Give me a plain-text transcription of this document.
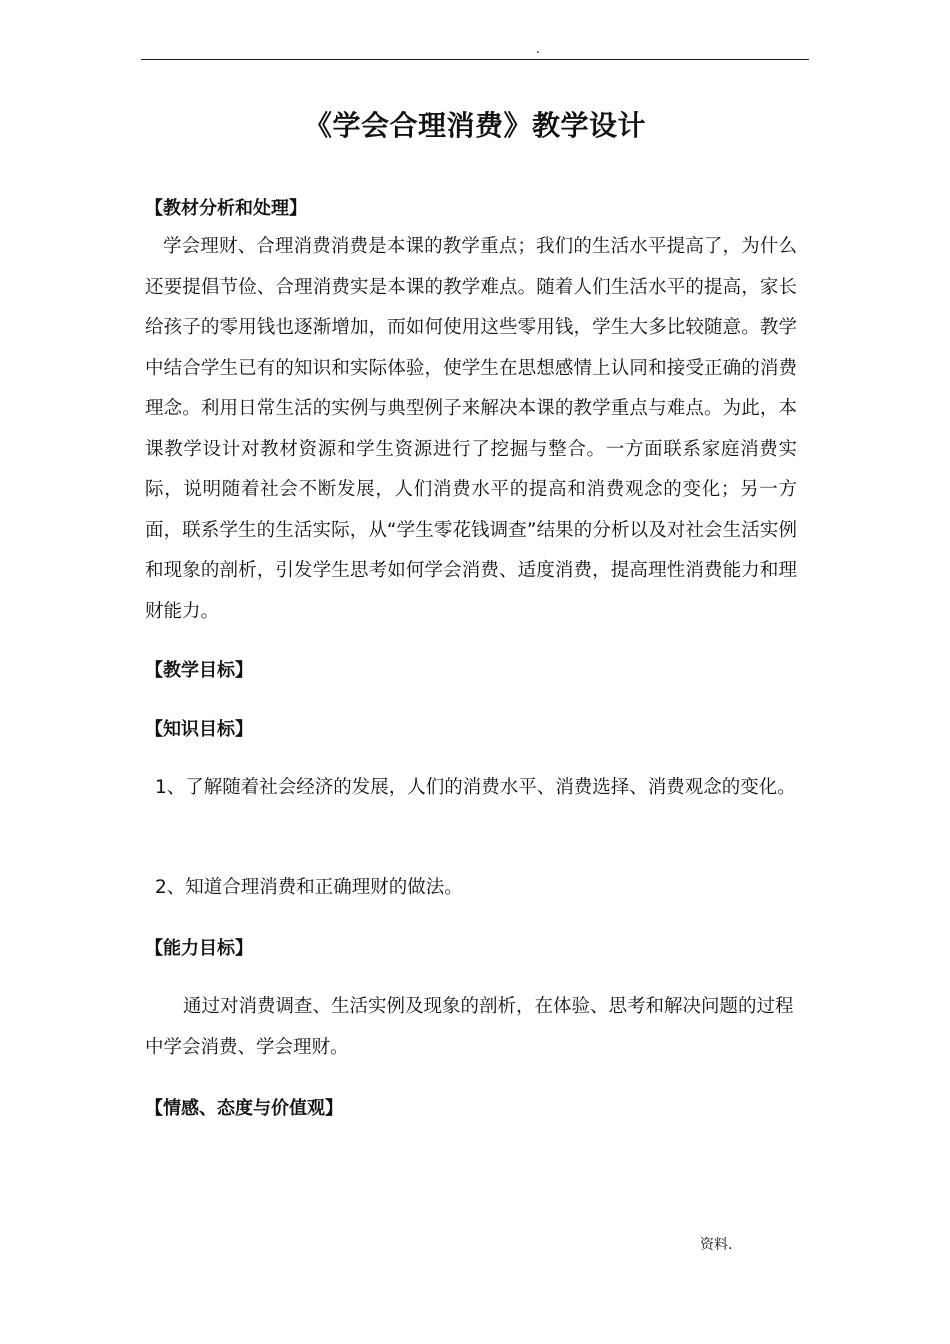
.
《学会合理消费》教学设计
【教材分析和处理】
学会理财、合理消费消费是本课的教学重点；我们的生活水平提高了，为什么还要提倡节俭、合理消费实是本课的教学难点。随着人们生活水平的提高，家长给孩子的零用钱也逐渐增加，而如何使用这些零用钱，学生大多比较随意。教学中结合学生已有的知识和实际体验，使学生在思想感情上认同和接受正确的消费理念。利用日常生活的实例与典型例子来解决本课的教学重点与难点。为此，本课教学设计对教材资源和学生资源进行了挖掘与整合。一方面联系家庭消费实际，说明随着社会不断发展，人们消费水平的提高和消费观念的变化；另一方面，联系学生的生活实际，从“学生零花钱调查”结果的分析以及对社会生活实例和现象的剖析，引发学生思考如何学会消费、适度消费，提高理性消费能力和理财能力。
【教学目标】
【知识目标】
1、了解随着社会经济的发展，人们的消费水平、消费选择、消费观念的变化。
2、知道合理消费和正确理财的做法。
【能力目标】
通过对消费调查、生活实例及现象的剖析，在体验、思考和解决问题的过程中学会消费、学会理财。
【情感、态度与价值观】
资料.
